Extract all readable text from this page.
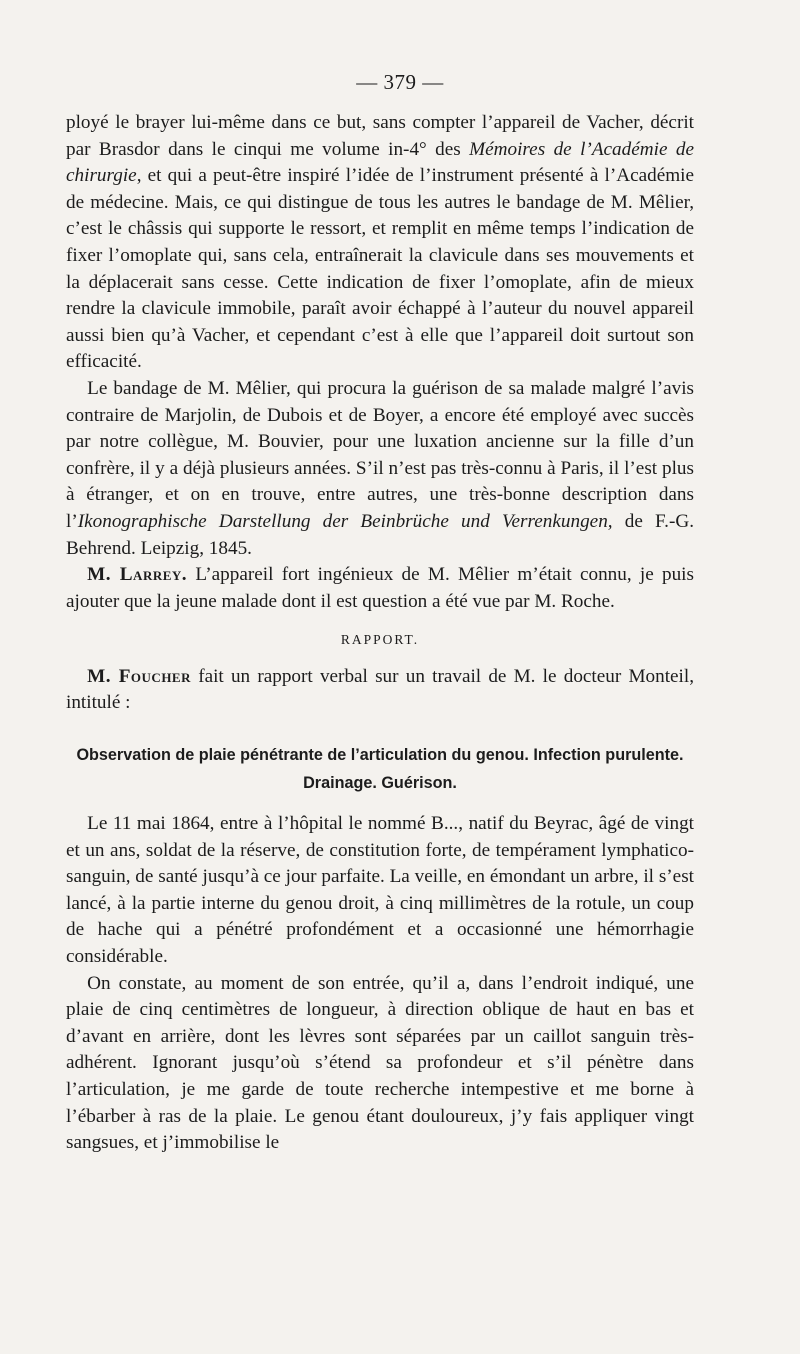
— 379 —

ployé le brayer lui-même dans ce but, sans compter l’appareil de Vacher, décrit par Brasdor dans le cinqui me volume in-4° des Mémoires de l’Académie de chirurgie, et qui a peut-être inspiré l’idée de l’instrument présenté à l’Académie de médecine. Mais, ce qui distingue de tous les autres le bandage de M. Mêlier, c’est le châssis qui supporte le ressort, et remplit en même temps l’indication de fixer l’omoplate qui, sans cela, entraînerait la clavicule dans ses mouvements et la déplacerait sans cesse. Cette indication de fixer l’omoplate, afin de mieux rendre la clavicule immobile, paraît avoir échappé à l’auteur du nouvel appareil aussi bien qu’à Vacher, et cependant c’est à elle que l’appareil doit surtout son efficacité.

Le bandage de M. Mêlier, qui procura la guérison de sa malade malgré l’avis contraire de Marjolin, de Dubois et de Boyer, a encore été employé avec succès par notre collègue, M. Bouvier, pour une luxation ancienne sur la fille d’un confrère, il y a déjà plusieurs années. S’il n’est pas très-connu à Paris, il l’est plus à étranger, et on en trouve, entre autres, une très-bonne description dans l’Ikonographische Darstellung der Beinbrüche und Verrenkungen, de F.-G. Behrend. Leipzig, 1845.

M. Larrey. L’appareil fort ingénieux de M. Mêlier m’était connu, je puis ajouter que la jeune malade dont il est question a été vue par M. Roche.

RAPPORT.

M. Foucher fait un rapport verbal sur un travail de M. le docteur Monteil, intitulé :

Observation de plaie pénétrante de l’articulation du genou. Infection purulente. Drainage. Guérison.

Le 11 mai 1864, entre à l’hôpital le nommé B..., natif du Beyrac, âgé de vingt et un ans, soldat de la réserve, de constitution forte, de tempérament lymphatico-sanguin, de santé jusqu’à ce jour parfaite. La veille, en émondant un arbre, il s’est lancé, à la partie interne du genou droit, à cinq millimètres de la rotule, un coup de hache qui a pénétré profondément et a occasionné une hémorrhagie considérable.

On constate, au moment de son entrée, qu’il a, dans l’endroit indiqué, une plaie de cinq centimètres de longueur, à direction oblique de haut en bas et d’avant en arrière, dont les lèvres sont séparées par un caillot sanguin très-adhérent. Ignorant jusqu’où s’étend sa profondeur et s’il pénètre dans l’articulation, je me garde de toute recherche intempestive et me borne à l’ébarber à ras de la plaie. Le genou étant douloureux, j’y fais appliquer vingt sangsues, et j’immobilise le
